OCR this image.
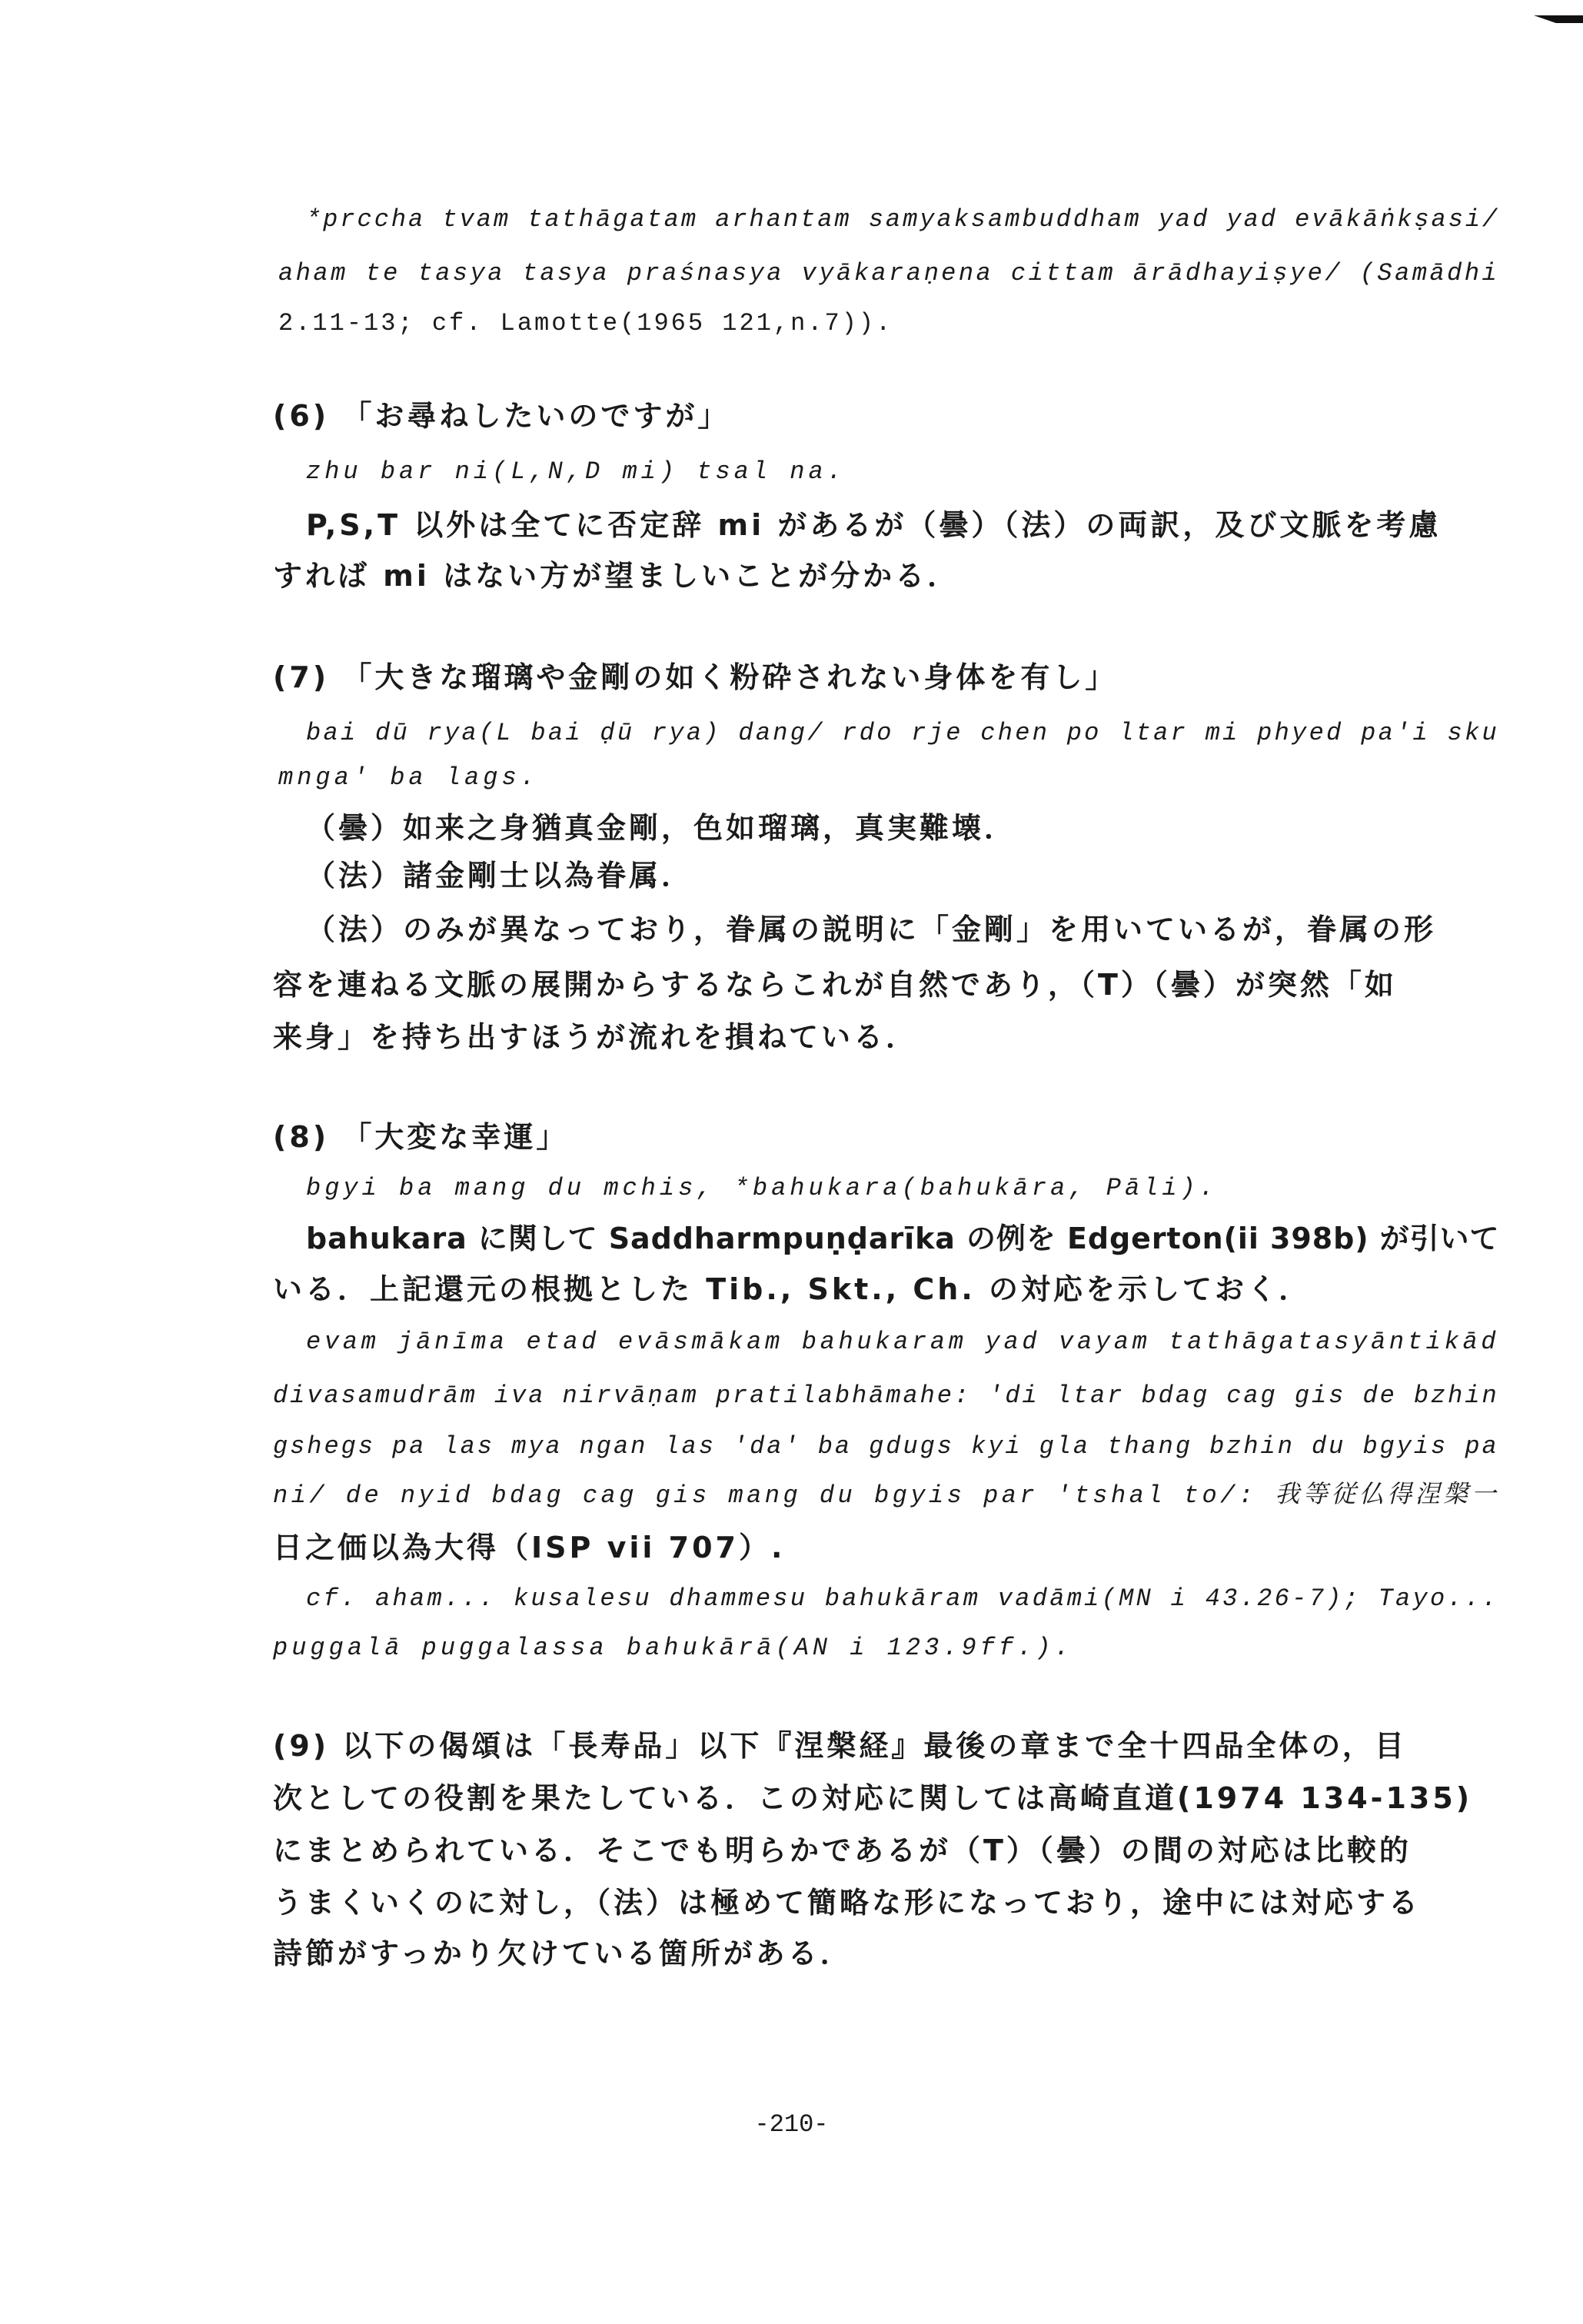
*prccha tvam tathāgatam arhantam samyaksambuddham yad yad evākāṅkṣasi/
aham te tasya tasya praśnasya vyākaraṇena cittam ārādhayiṣye/ (Samādhi
2.11-13; cf. Lamotte(1965 121,n.7)).
(6) 「お尋ねしたいのですが」
zhu bar ni(L,N,D mi) tsal na.
P,S,T 以外は全てに否定辞 mi があるが（曇）（法）の両訳，及び文脈を考慮
すれば mi はない方が望ましいことが分かる．
(7) 「大きな瑠璃や金剛の如く粉砕されない身体を有し」
bai dū rya(L bai ḍū rya) dang/ rdo rje chen po ltar mi phyed pa'i sku
mnga' ba lags.
（曇）如来之身猶真金剛，色如瑠璃，真実難壊．
（法）諸金剛士以為眷属．
（法）のみが異なっており，眷属の説明に「金剛」を用いているが，眷属の形
容を連ねる文脈の展開からするならこれが自然であり，（T）（曇）が突然「如
来身」を持ち出すほうが流れを損ねている．
(8) 「大変な幸運」
bgyi ba mang du mchis, *bahukara(bahukāra, Pāli).
bahukara に関して Saddharmpuṇḍarīka の例を Edgerton(ii 398b) が引いて
いる．上記還元の根拠とした Tib., Skt., Ch. の対応を示しておく．
evam jānīma etad evāsmākam bahukaram yad vayam tathāgatasyāntikād
divasamudrām iva nirvāṇam pratilabhāmahe: 'di ltar bdag cag gis de bzhin
gshegs pa las mya ngan las 'da' ba gdugs kyi gla thang bzhin du bgyis pa
ni/ de nyid bdag cag gis mang du bgyis par 'tshal to/: 我等従仏得涅槃一
日之価以為大得（ISP vii 707）.
cf. aham... kusalesu dhammesu bahukāram vadāmi(MN i 43.26-7); Tayo...
puggalā puggalassa bahukārā(AN i 123.9ff.).
(9) 以下の偈頌は「長寿品」以下『涅槃経』最後の章まで全十四品全体の，目
次としての役割を果たしている．この対応に関しては高崎直道(1974 134-135)
にまとめられている．そこでも明らかであるが（T）（曇）の間の対応は比較的
うまくいくのに対し，（法）は極めて簡略な形になっており，途中には対応する
詩節がすっかり欠けている箇所がある．
-210-
